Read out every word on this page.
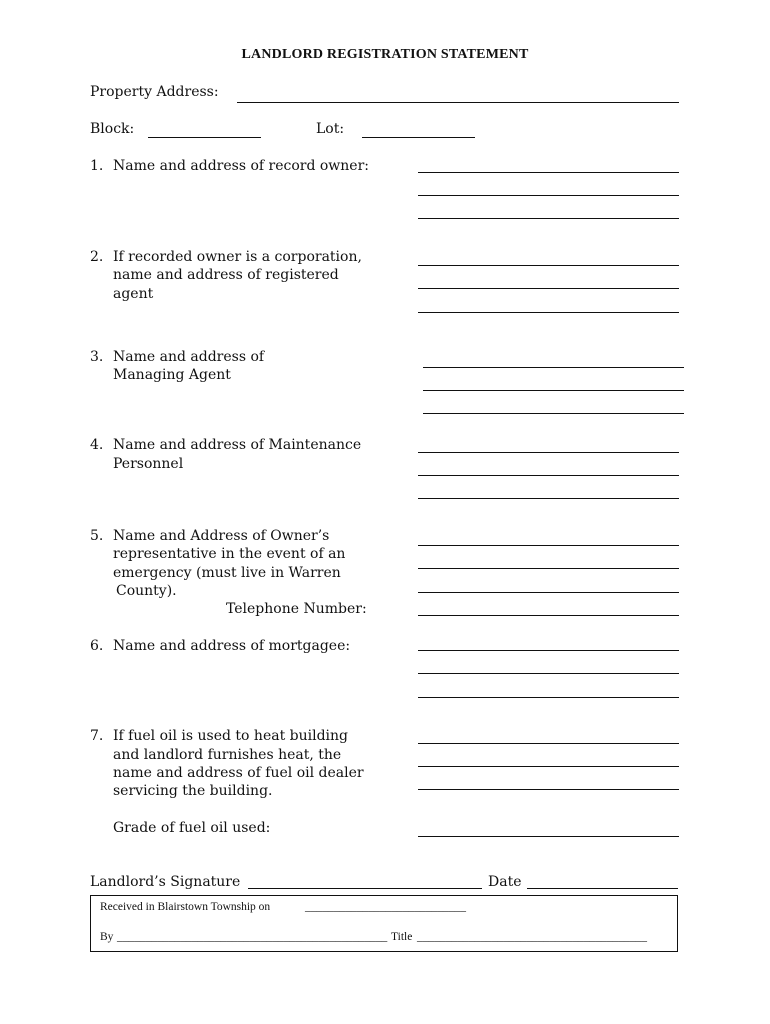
LANDLORD REGISTRATION STATEMENT
Property Address:
Block:	Lot:
1. Name and address of record owner:
2. If recorded owner is a corporation,
name and address of registered
agent
3. Name and address of
Managing Agent
4. Name and address of Maintenance
Personnel
5. Name and Address of Owner’s
representative in the event of an
emergency (must live in Warren
County).
Telephone Number:
6. Name and address of mortgagee:
7. If fuel oil is used to heat building
and landlord furnishes heat, the
name and address of fuel oil dealer
servicing the building.
Grade of fuel oil used:
Landlord’s Signature	Date
Received in Blairstown Township on	____________________________
By _______________________________________________ Title ________________________________________
